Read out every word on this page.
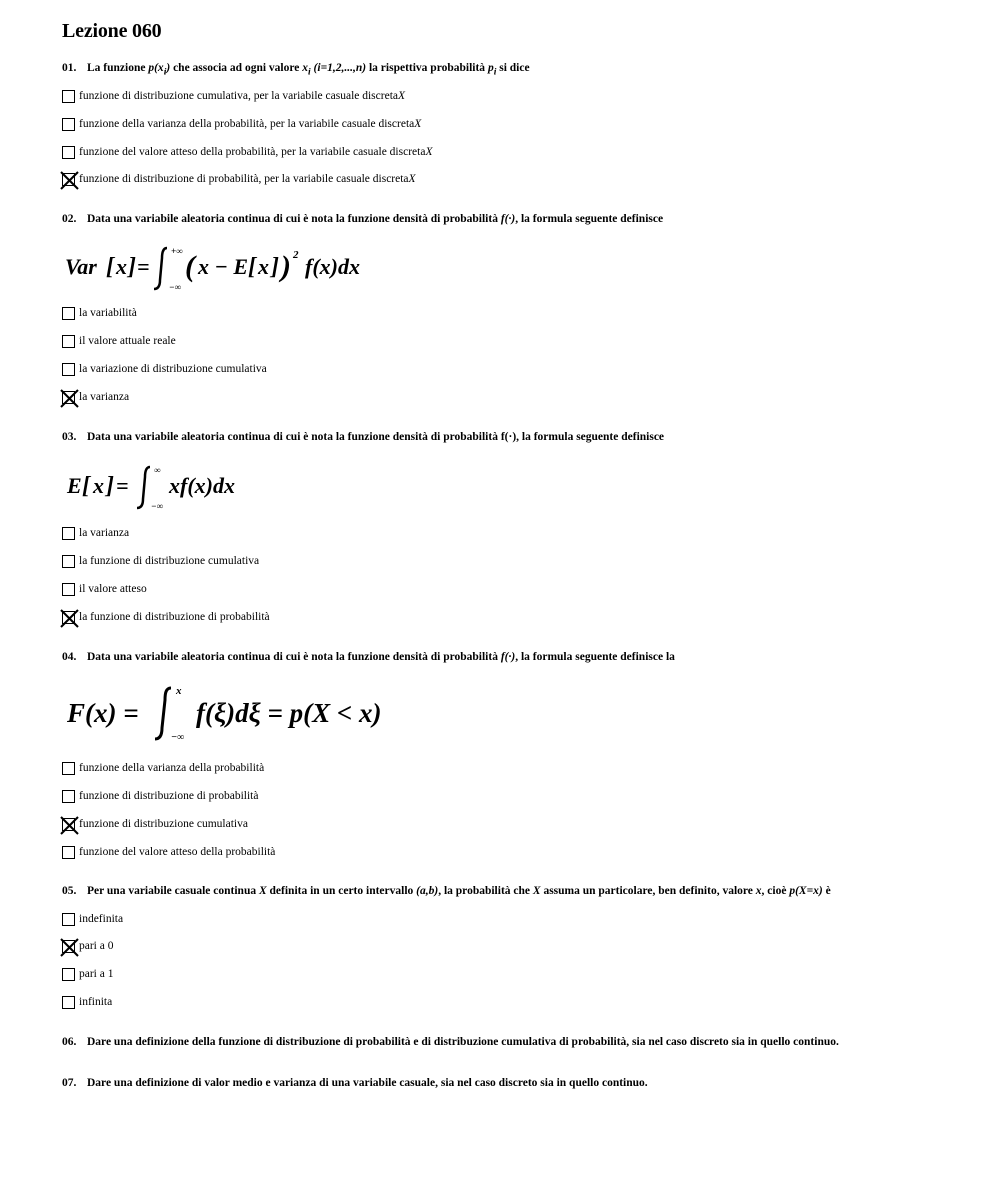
Lezione 060
01. La funzione $p(x_i)$ che associa ad ogni valore $x_i$ (i=1,2,...,n) la rispettiva probabilità $p_i$ si dice
funzione di distribuzione cumulativa, per la variabile casuale discreta X
funzione della varianza della probabilità, per la variabile casuale discreta X
funzione del valore atteso della probabilità, per la variabile casuale discreta X
funzione di distribuzione di probabilità, per la variabile casuale discreta X
02. Data una variabile aleatoria continua di cui è nota la funzione densità di probabilità f(·), la formula seguente definisce
Var [ x ] =
+∞
−∞
( x − E [ x ] ) 2 f(x)dx
la variabilità
il valore attuale reale
la variazione di distribuzione cumulativa
la varianza
03. Data una variabile aleatoria continua di cui è nota la funzione densità di probabilità f(·), la formula seguente definisce
E [ x ] =
∞
−∞
xf(x)dx
la varianza
la funzione di distribuzione cumulativa
il valore atteso
la funzione di distribuzione di probabilità
04. Data una variabile aleatoria continua di cui è nota la funzione densità di probabilità f(·), la formula seguente definisce la
F(x) =
x
−∞
f(ξ)dξ = p(X < x)
funzione della varianza della probabilità
funzione di distribuzione di probabilità
funzione di distribuzione cumulativa
funzione del valore atteso della probabilità
05. Per una variabile casuale continua X definita in un certo intervallo (a,b), la probabilità che X assuma un particolare, ben definito, valore x, cioè p(X=x) è
indefinita
pari a 0
pari a 1
infinita
06. Dare una definizione della funzione di distribuzione di probabilità e di distribuzione cumulativa di probabilità, sia nel caso discreto sia in quello continuo.
07. Dare una definizione di valor medio e varianza di una variabile casuale, sia nel caso discreto sia in quello continuo.
